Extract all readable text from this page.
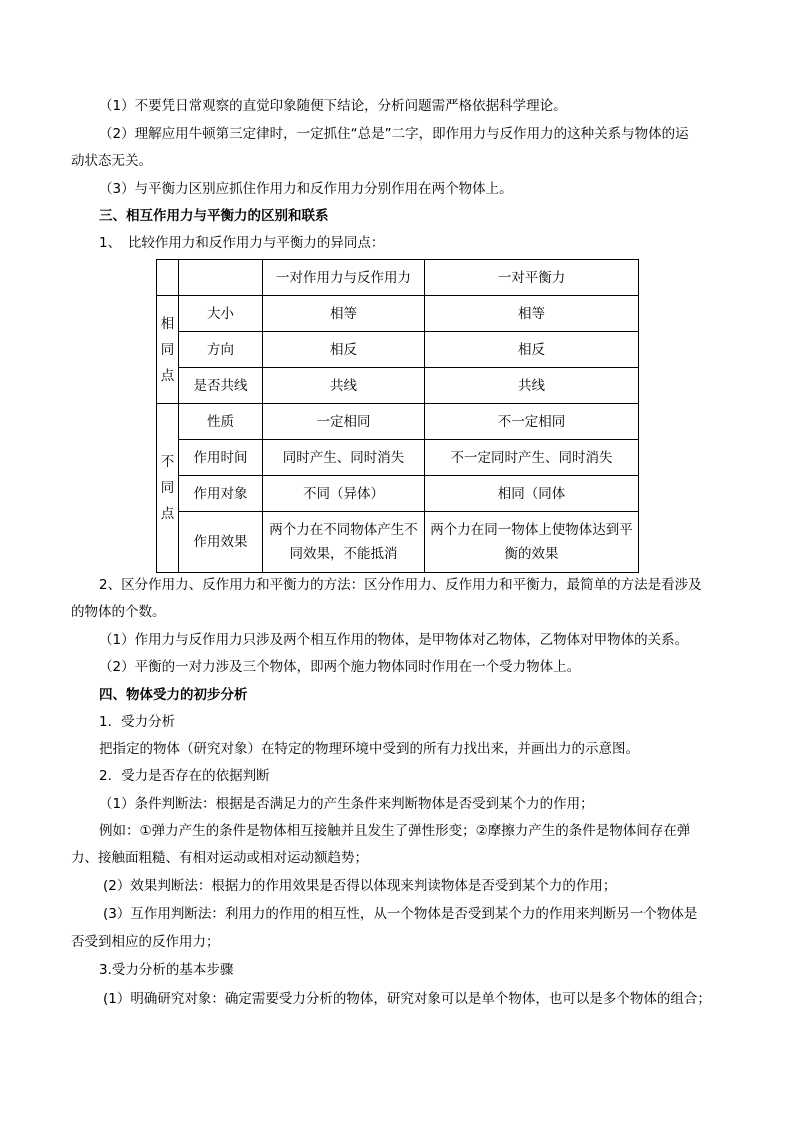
（1）不要凭日常观察的直觉印象随便下结论，分析问题需严格依据科学理论。
（2）理解应用牛顿第三定律时，一定抓住“总是”二字，即作用力与反作用力的这种关系与物体的运
动状态无关。
（3）与平衡力区别应抓住作用力和反作用力分别作用在两个物体上。
三、相互作用力与平衡力的区别和联系
1、　比较作用力和反作用力与平衡力的异同点：
		一对作用力与反作用力	一对平衡力

相
同
点	大小	相等	相等
	方向	相反	相反
	是否共线	共线	共线

不
同
点	性质	一定相同	不一定相同
	作用时间	同时产生、同时消失	不一定同时产生、同时消失
	作用对象	不同（异体）	相同（同体
	作用效果	两个力在不同物体产生不同效果，不能抵消	两个力在同一物体上使物体达到平衡的效果
2、区分作用力、反作用力和平衡力的方法：区分作用力、反作用力和平衡力，最简单的方法是看涉及
的物体的个数。
（1）作用力与反作用力只涉及两个相互作用的物体，是甲物体对乙物体，乙物体对甲物体的关系。
（2）平衡的一对力涉及三个物体，即两个施力物体同时作用在一个受力物体上。
四、物体受力的初步分析
1．受力分析
把指定的物体（研究对象）在特定的物理环境中受到的所有力找出来，并画出力的示意图。
2．受力是否存在的依据判断
（1）条件判断法：根据是否满足力的产生条件来判断物体是否受到某个力的作用；
例如：①弹力产生的条件是物体相互接触并且发生了弹性形变；②摩擦力产生的条件是物体间存在弹
力、接触面粗糙、有相对运动或相对运动额趋势；
(2）效果判断法：根据力的作用效果是否得以体现来判读物体是否受到某个力的作用；
(3）互作用判断法：利用力的作用的相互性，从一个物体是否受到某个力的作用来判断另一个物体是
否受到相应的反作用力；
3.受力分析的基本步骤
(1）明确研究对象：确定需要受力分析的物体，研究对象可以是单个物体，也可以是多个物体的组合；
